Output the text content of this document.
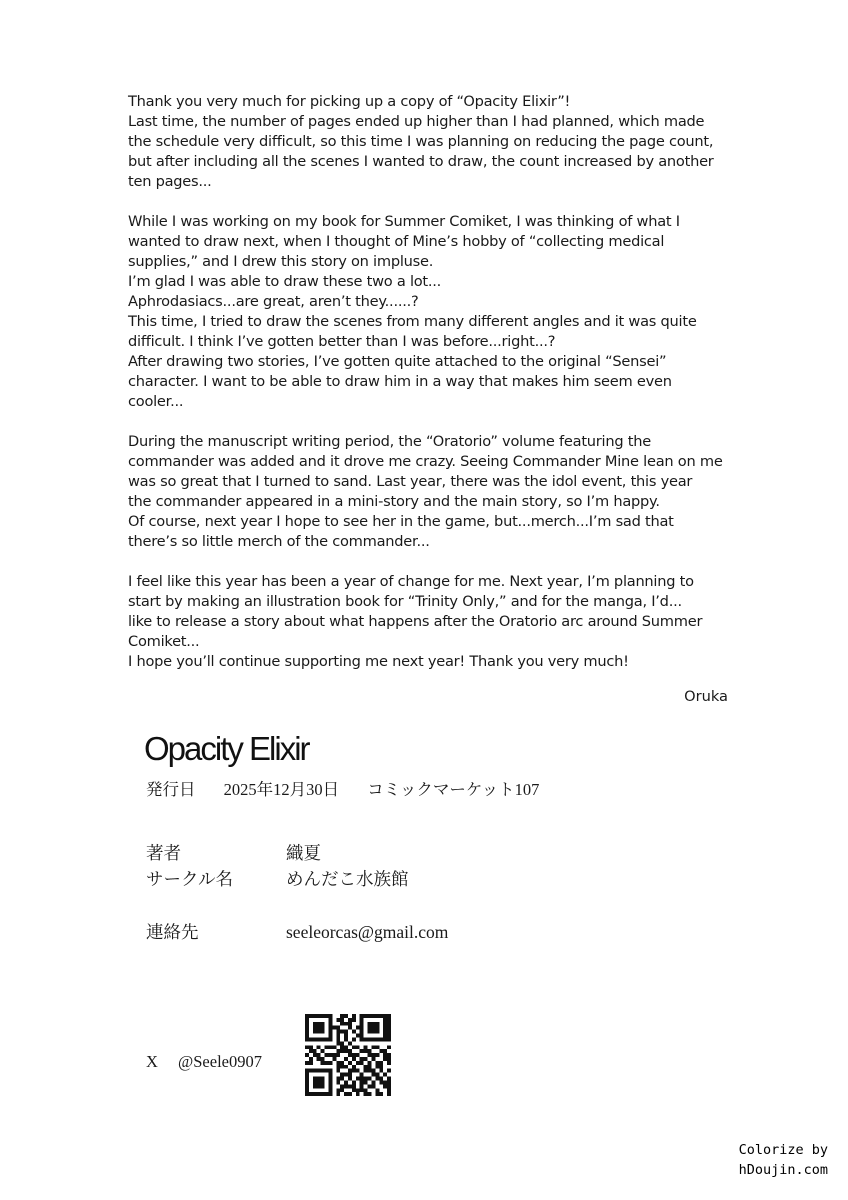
Thank you very much for picking up a copy of “Opacity Elixir”!
Last time, the number of pages ended up higher than I had planned, which made
the schedule very difficult, so this time I was planning on reducing the page count,
but after including all the scenes I wanted to draw, the count increased by another
ten pages...

While I was working on my book for Summer Comiket, I was thinking of what I
wanted to draw next, when I thought of Mine’s hobby of “collecting medical
supplies,” and I drew this story on impluse.
I’m glad I was able to draw these two a lot...
Aphrodasiacs...are great, aren’t they......?
This time, I tried to draw the scenes from many different angles and it was quite
difficult. I think I’ve gotten better than I was before...right...?
After drawing two stories, I’ve gotten quite attached to the original “Sensei”
character. I want to be able to draw him in a way that makes him seem even
cooler...

During the manuscript writing period, the “Oratorio” volume featuring the
commander was added and it drove me crazy. Seeing Commander Mine lean on me
was so great that I turned to sand. Last year, there was the idol event, this year
the commander appeared in a mini-story and the main story, so I’m happy.
Of course, next year I hope to see her in the game, but...merch...I’m sad that
there’s so little merch of the commander...

I feel like this year has been a year of change for me. Next year, I’m planning to
start by making an illustration book for “Trinity Only,” and for the manga, I’d...
like to release a story about what happens after the Oratorio arc around Summer
Comiket...
I hope you’ll continue supporting me next year! Thank you very much!

Oruka
Opacity Elixir
発行日 2025年12月30日 コミックマーケット107
著者	織夏
サークル名	めんだこ水族館
連絡先	seeleorcas@gmail.com
X @Seele0907
Colorize by
hDoujin.com
